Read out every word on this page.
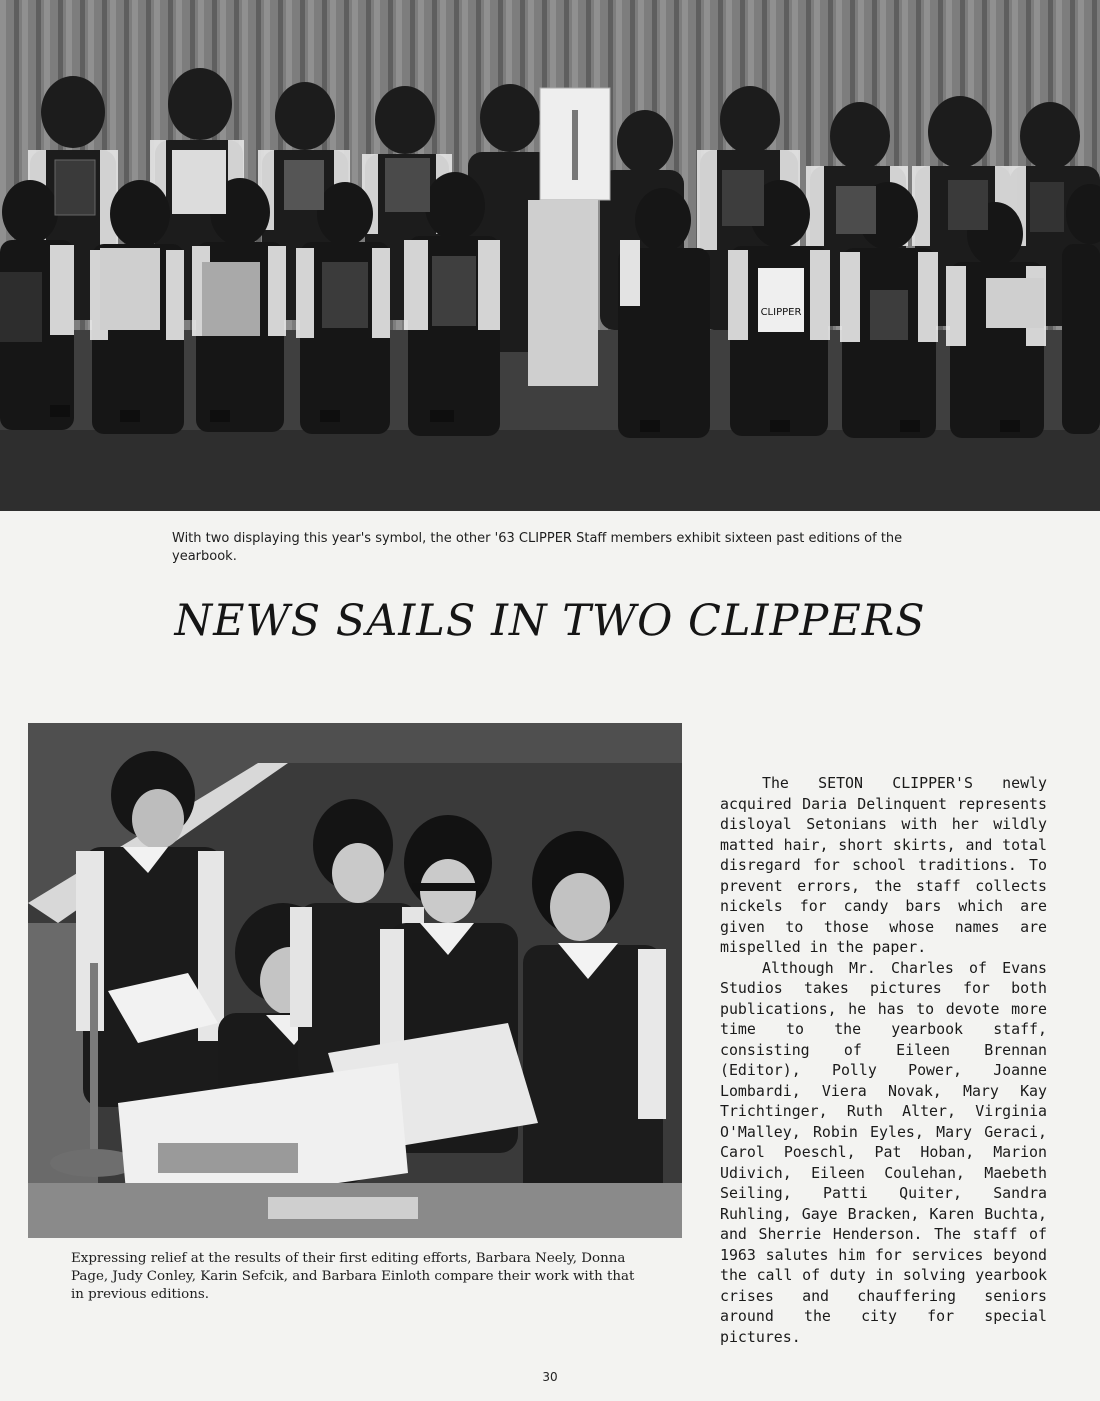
CLIPPER

With two displaying this year's symbol, the other '63 CLIPPER Staff members exhibit sixteen past editions of the yearbook.

NEWS SAILS IN TWO CLIPPERS

Expressing relief at the results of their first editing efforts, Barbara Neely, Donna Page, Judy Conley, Karin Sefcik, and Barbara Einloth compare their work with that in previous editions.

The SETON CLIPPER'S newly acquired Daria Delinquent represents disloyal Setonians with her wildly matted hair, short skirts, and total disregard for school traditions. To prevent errors, the staff collects nickels for candy bars which are given to those whose names are mispelled in the paper.

Although Mr. Charles of Evans Studios takes pictures for both publications, he has to devote more time to the yearbook staff, consisting of Eileen Brennan (Editor), Polly Power, Joanne Lombardi, Viera Novak, Mary Kay Trichtinger, Ruth Alter, Virginia O'Malley, Robin Eyles, Mary Geraci, Carol Poeschl, Pat Hoban, Marion Udivich, Eileen Coulehan, Maebeth Seiling, Patti Quiter, Sandra Ruhling, Gaye Bracken, Karen Buchta, and Sherrie Henderson. The staff of 1963 salutes him for services beyond the call of duty in solving yearbook crises and chauffering seniors around the city for special pictures.

30
